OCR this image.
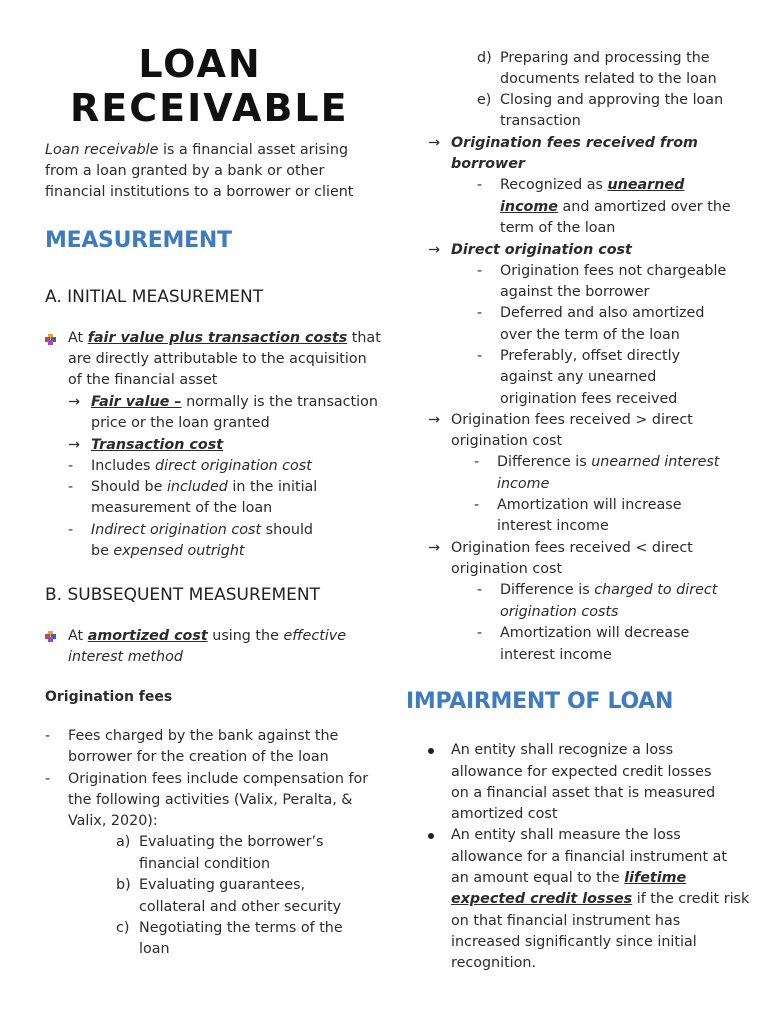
LOAN
RECEIVABLE
Loan receivable is a financial asset arising
from a loan granted by a bank or other
financial institutions to a borrower or client
MEASUREMENT
A. INITIAL MEASUREMENT
At fair value plus transaction costs that
are directly attributable to the acquisition
of the financial asset
→ Fair value – normally is the transaction
price or the loan granted
→ Transaction cost
- Includes direct origination cost
- Should be included in the initial
measurement of the loan
- Indirect origination cost should
be expensed outright
B. SUBSEQUENT MEASUREMENT
At amortized cost using the effective
interest method
Origination fees
- Fees charged by the bank against the
borrower for the creation of the loan
- Origination fees include compensation for
the following activities (Valix, Peralta, &
Valix, 2020):
a) Evaluating the borrower’s
financial condition
b) Evaluating guarantees,
collateral and other security
c) Negotiating the terms of the
loan
d) Preparing and processing the
documents related to the loan
e) Closing and approving the loan
transaction
→ Origination fees received from
borrower
- Recognized as unearned
income and amortized over the
term of the loan
→ Direct origination cost
- Origination fees not chargeable
against the borrower
- Deferred and also amortized
over the term of the loan
- Preferably, offset directly
against any unearned
origination fees received
→ Origination fees received > direct
origination cost
- Difference is unearned interest
income
- Amortization will increase
interest income
→ Origination fees received < direct
origination cost
- Difference is charged to direct
origination costs
- Amortization will decrease
interest income
IMPAIRMENT OF LOAN
An entity shall recognize a loss
allowance for expected credit losses
on a financial asset that is measured
amortized cost
An entity shall measure the loss
allowance for a financial instrument at
an amount equal to the lifetime
expected credit losses if the credit risk
on that financial instrument has
increased significantly since initial
recognition.
